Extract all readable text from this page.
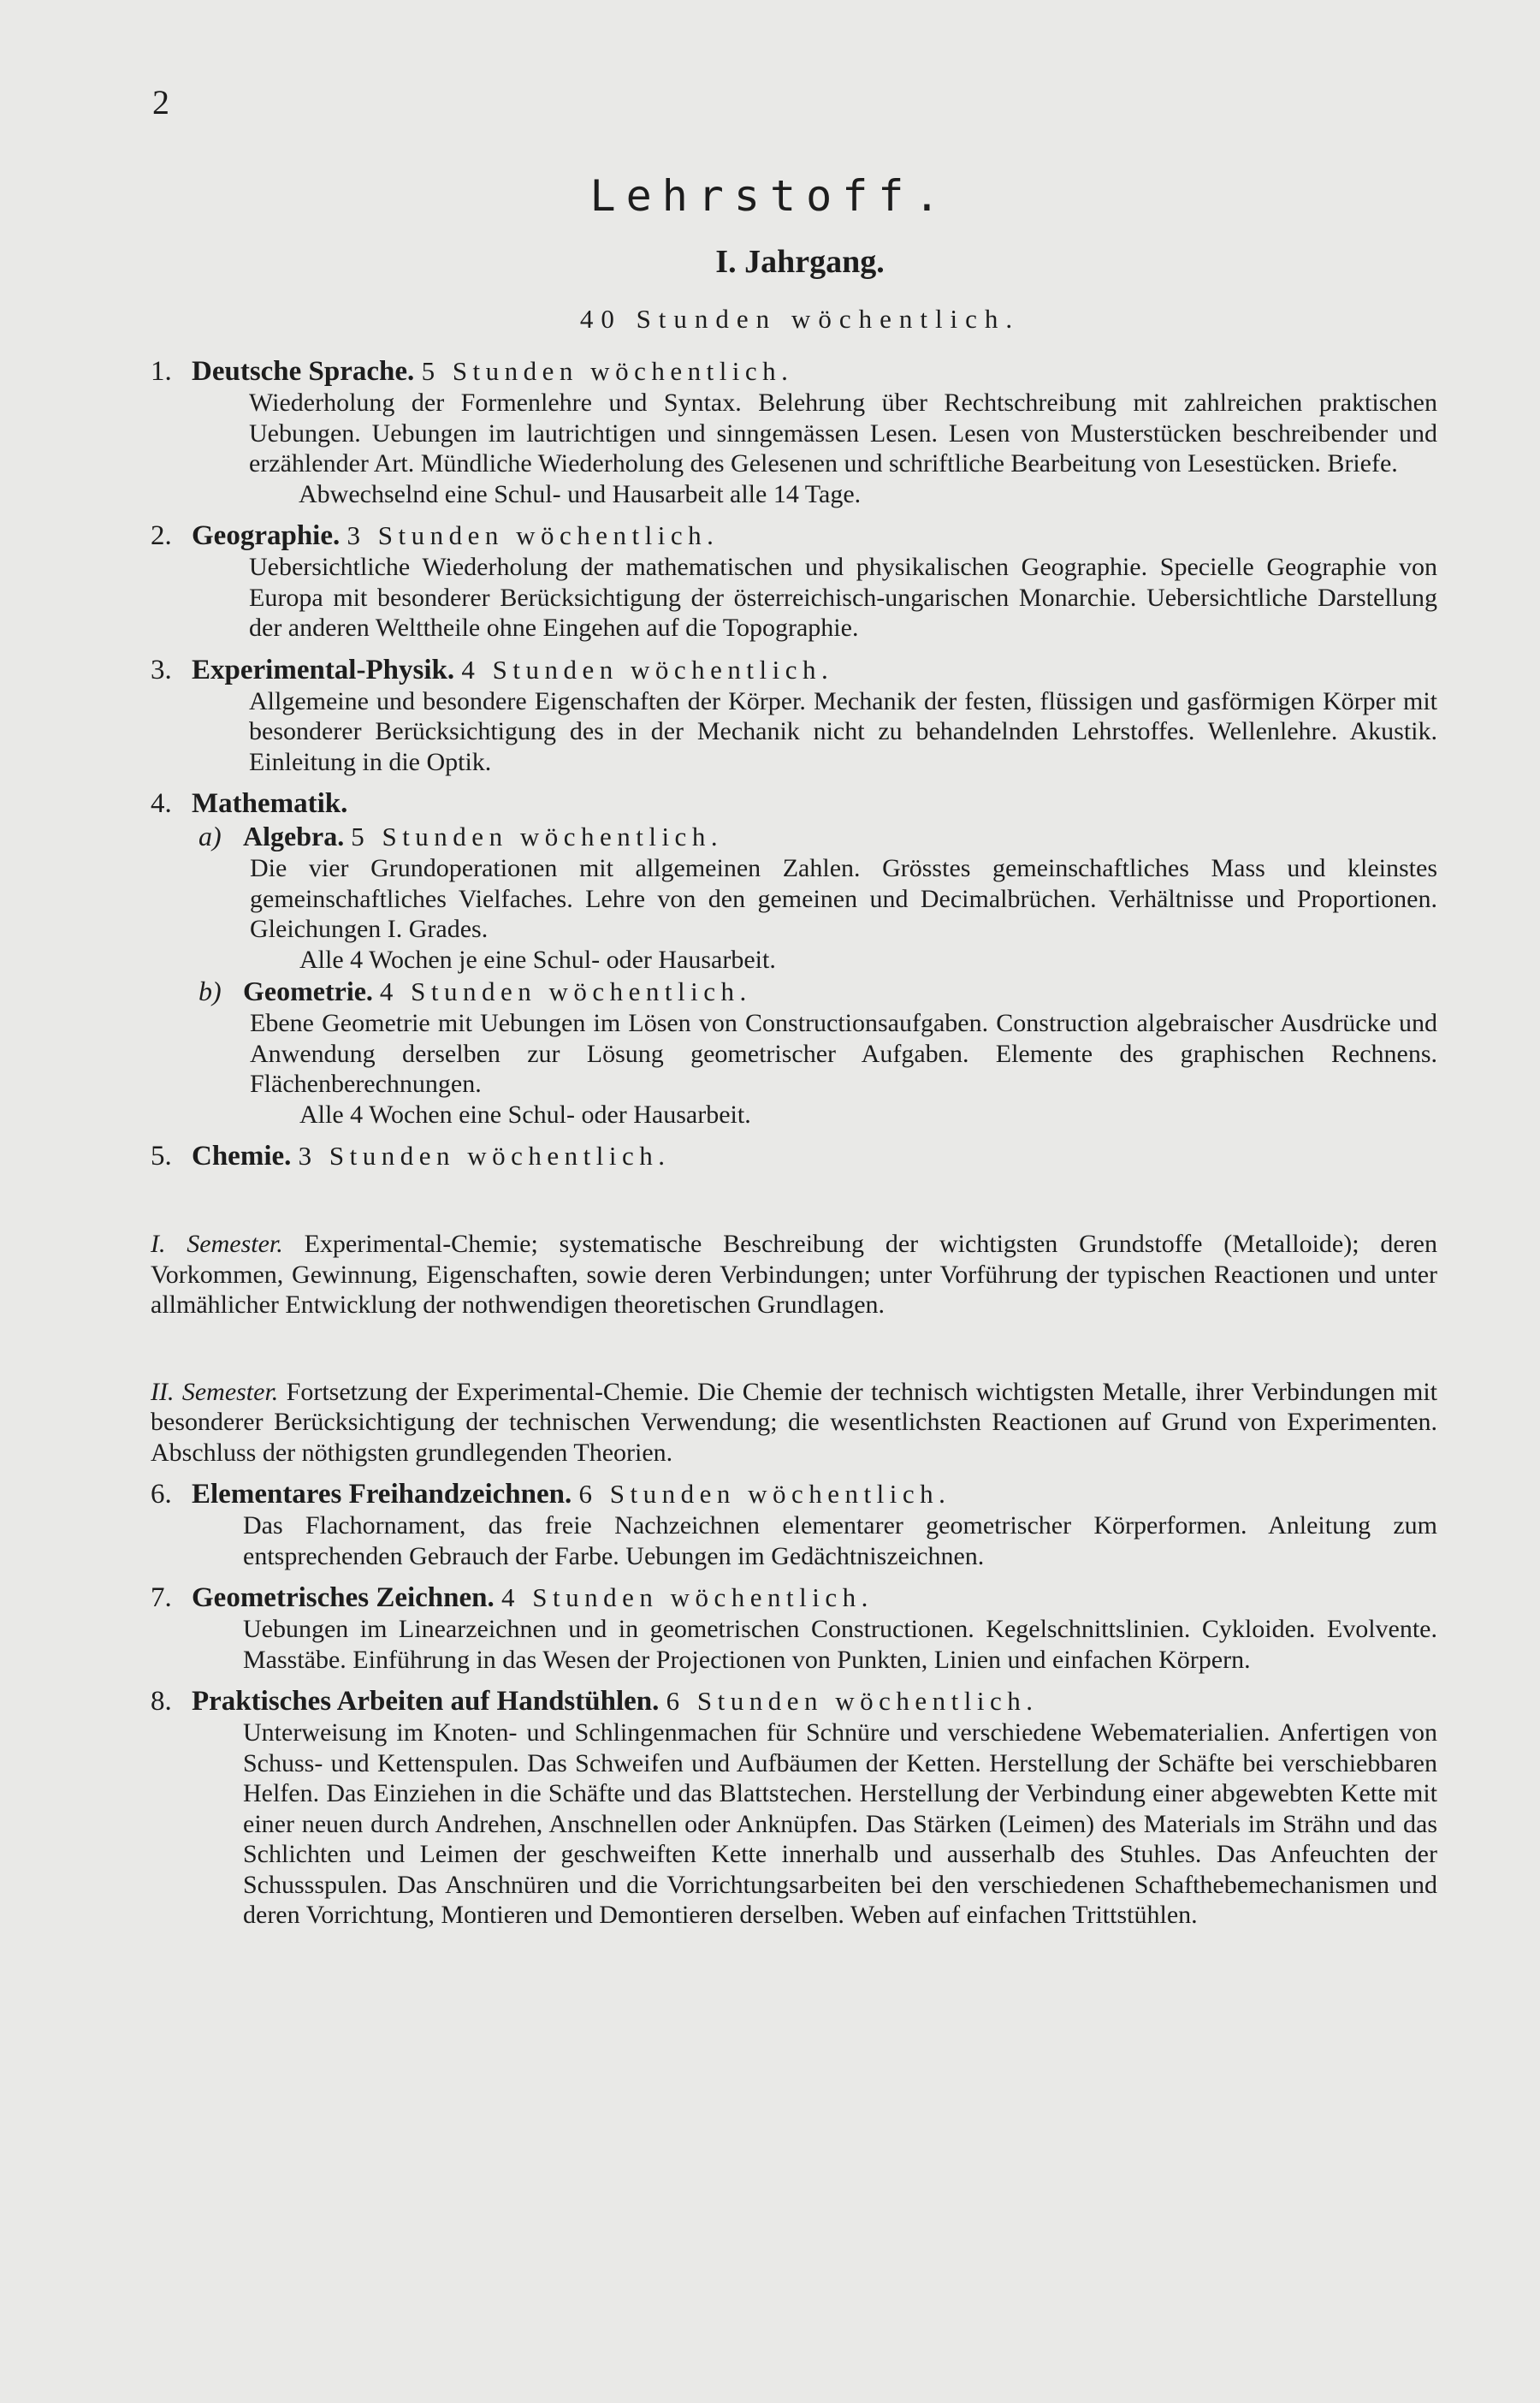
2
Lehrstoff.
I. Jahrgang.
40 Stunden wöchentlich.
1. Deutsche Sprache. 5 Stunden wöchentlich.

Wiederholung der Formenlehre und Syntax. Belehrung über Rechtschreibung mit zahlreichen praktischen Uebungen. Uebungen im lautrichtigen und sinngemässen Lesen. Lesen von Musterstücken beschreibender und erzählender Art. Mündliche Wiederholung des Gelesenen und schriftliche Bearbeitung von Lesestücken. Briefe.

Abwechselnd eine Schul- und Hausarbeit alle 14 Tage.

2. Geographie. 3 Stunden wöchentlich.

Uebersichtliche Wiederholung der mathematischen und physikalischen Geographie. Specielle Geographie von Europa mit besonderer Berücksichtigung der österreichisch-ungarischen Monarchie. Uebersichtliche Darstellung der anderen Welttheile ohne Eingehen auf die Topographie.

3. Experimental-Physik. 4 Stunden wöchentlich.

Allgemeine und besondere Eigenschaften der Körper. Mechanik der festen, flüssigen und gasförmigen Körper mit besonderer Berücksichtigung des in der Mechanik nicht zu behandelnden Lehrstoffes. Wellenlehre. Akustik. Einleitung in die Optik.

4. Mathematik.
a) Algebra. 5 Stunden wöchentlich.

Die vier Grundoperationen mit allgemeinen Zahlen. Grösstes gemeinschaftliches Mass und kleinstes gemeinschaftliches Vielfaches. Lehre von den gemeinen und Decimalbrüchen. Verhältnisse und Proportionen. Gleichungen I. Grades.

Alle 4 Wochen je eine Schul- oder Hausarbeit.

b) Geometrie. 4 Stunden wöchentlich.

Ebene Geometrie mit Uebungen im Lösen von Constructionsaufgaben. Construction algebraischer Ausdrücke und Anwendung derselben zur Lösung geometrischer Aufgaben. Elemente des graphischen Rechnens. Flächenberechnungen.

Alle 4 Wochen eine Schul- oder Hausarbeit.

5. Chemie. 3 Stunden wöchentlich.
I. Semester. Experimental-Chemie; systematische Beschreibung der wichtigsten Grundstoffe (Metalloide); deren Vorkommen, Gewinnung, Eigenschaften, sowie deren Verbindungen; unter Vorführung der typischen Reactionen und unter allmählicher Entwicklung der nothwendigen theoretischen Grundlagen.
II. Semester. Fortsetzung der Experimental-Chemie. Die Chemie der technisch wichtigsten Metalle, ihrer Verbindungen mit besonderer Berücksichtigung der technischen Verwendung; die wesentlichsten Reactionen auf Grund von Experimenten. Abschluss der nöthigsten grundlegenden Theorien.
6. Elementares Freihandzeichnen. 6 Stunden wöchentlich.

Das Flachornament, das freie Nachzeichnen elementarer geometrischer Körperformen. Anleitung zum entsprechenden Gebrauch der Farbe. Uebungen im Gedächtniszeichnen.

7. Geometrisches Zeichnen. 4 Stunden wöchentlich.

Uebungen im Linearzeichnen und in geometrischen Constructionen. Kegelschnittslinien. Cykloiden. Evolvente. Masstäbe. Einführung in das Wesen der Projectionen von Punkten, Linien und einfachen Körpern.

8. Praktisches Arbeiten auf Handstühlen. 6 Stunden wöchentlich.

Unterweisung im Knoten- und Schlingenmachen für Schnüre und verschiedene Webematerialien. Anfertigen von Schuss- und Kettenspulen. Das Schweifen und Aufbäumen der Ketten. Herstellung der Schäfte bei verschiebbaren Helfen. Das Einziehen in die Schäfte und das Blattstechen. Herstellung der Verbindung einer abgewebten Kette mit einer neuen durch Andrehen, Anschnellen oder Anknüpfen. Das Stärken (Leimen) des Materials im Strähn und das Schlichten und Leimen der geschweiften Kette innerhalb und ausserhalb des Stuhles. Das Anfeuchten der Schussspulen. Das Anschnüren und die Vorrichtungsarbeiten bei den verschiedenen Schafthebemechanismen und deren Vorrichtung, Montieren und Demontieren derselben. Weben auf einfachen Trittstühlen.
